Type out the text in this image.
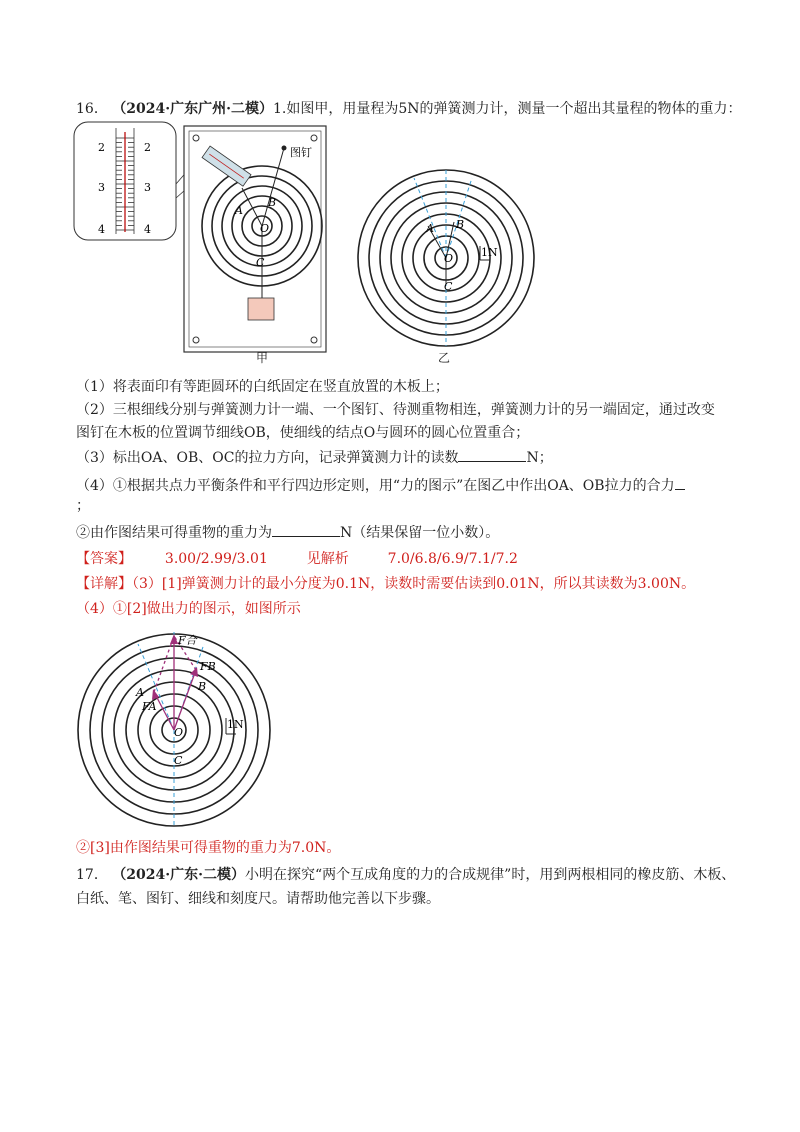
16． （2024·广东广州·二模）1.如图甲，用量程为5N的弹簧测力计，测量一个超出其量程的物体的重力：
2
3
4
2
3
4
图钉
A
B
O
C
甲
A B
O
C
1N
乙
（1）将表面印有等距圆环的白纸固定在竖直放置的木板上；
（2）三根细线分别与弹簧测力计一端、一个图钉、待测重物相连，弹簧测力计的另一端固定，通过改变
图钉在木板的位置调节细线OB，使细线的结点O与圆环的圆心位置重合；
（3）标出OA、OB、OC的拉力方向，记录弹簧测力计的读数	N；
（4）①根据共点力平衡条件和平行四边形定则，用“力的图示”在图乙中作出OA、OB拉力的合力
；
②由作图结果可得重物的重力为	N（结果保留一位小数）。
【答案】 3.00/2.99/3.01	见解析	7.0/6.8/6.9/7.1/7.2
【详解】（3）[1]弹簧测力计的最小分度为0.1N，读数时需要估读到0.01N，所以其读数为3.00N。
（4）①[2]做出力的图示，如图所示
F合
FB
FA
A	B
O
C
1N
②[3]由作图结果可得重物的重力为7.0N。
17． （2024·广东·二模）小明在探究“两个互成角度的力的合成规律”时，用到两根相同的橡皮筋、木板、
白纸、笔、图钉、细线和刻度尺。请帮助他完善以下步骤。
